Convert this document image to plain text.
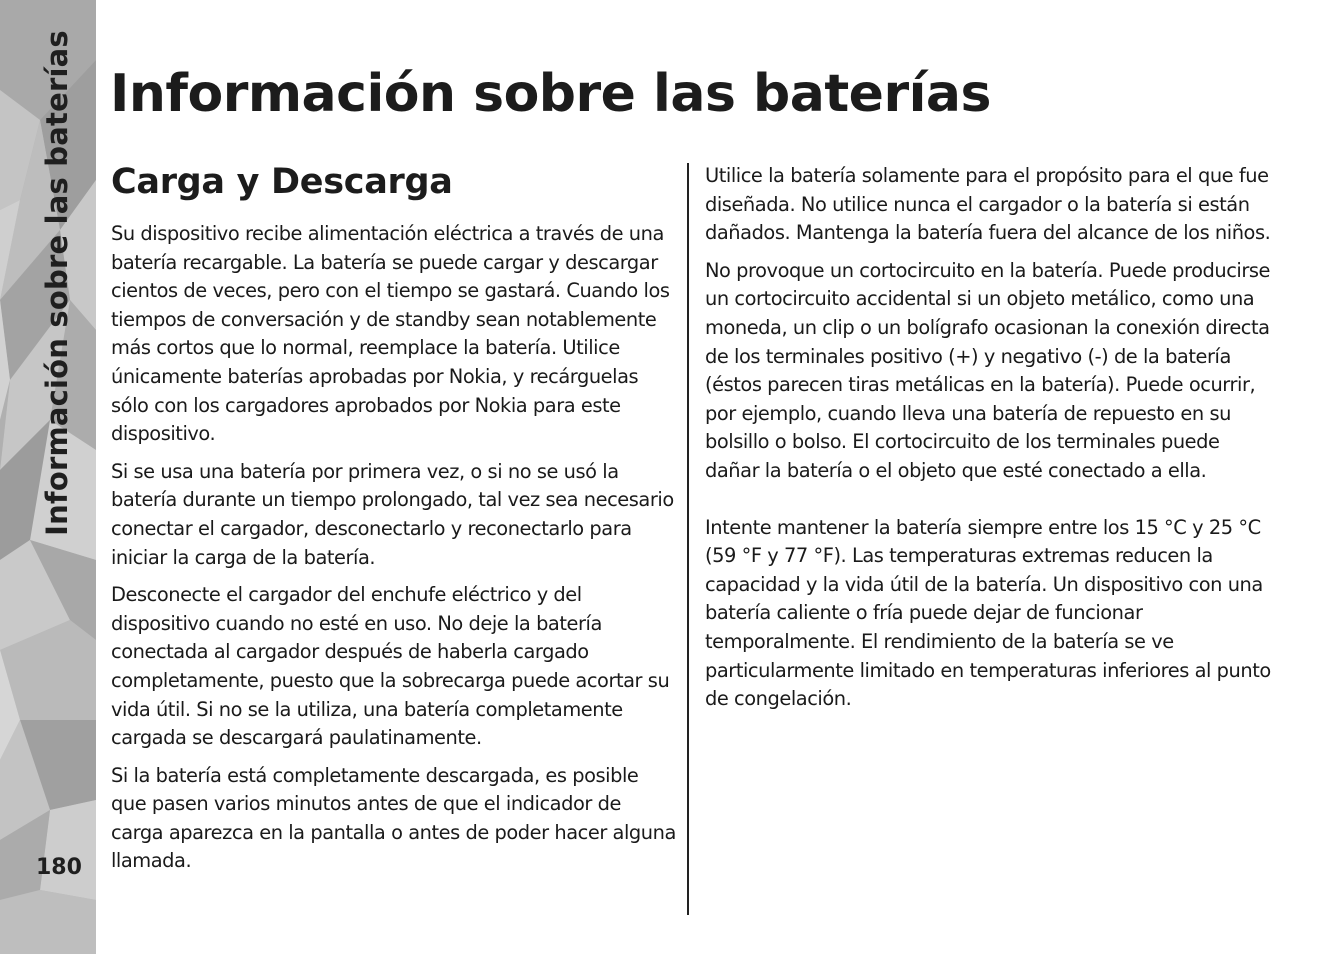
Información sobre las baterías
180
Información sobre las baterías
Carga y Descarga

Su dispositivo recibe alimentación eléctrica a través de una batería recargable. La batería se puede cargar y descargar cientos de veces, pero con el tiempo se gastará. Cuando los tiempos de conversación y de standby sean notablemente más cortos que lo normal, reemplace la batería. Utilice únicamente baterías aprobadas por Nokia, y recárguelas sólo con los cargadores aprobados por Nokia para este dispositivo.

Si se usa una batería por primera vez, o si no se usó la batería durante un tiempo prolongado, tal vez sea necesario conectar el cargador, desconectarlo y reconectarlo para iniciar la carga de la batería.

Desconecte el cargador del enchufe eléctrico y del dispositivo cuando no esté en uso. No deje la batería conectada al cargador después de haberla cargado completamente, puesto que la sobrecarga puede acortar su vida útil. Si no se la utiliza, una batería completamente cargada se descargará paulatinamente.

Si la batería está completamente descargada, es posible que pasen varios minutos antes de que el indicador de carga aparezca en la pantalla o antes de poder hacer alguna llamada.

Utilice la batería solamente para el propósito para el que fue diseñada. No utilice nunca el cargador o la batería si están dañados. Mantenga la batería fuera del alcance de los niños.

No provoque un cortocircuito en la batería. Puede producirse un cortocircuito accidental si un objeto metálico, como una moneda, un clip o un bolígrafo ocasionan la conexión directa de los terminales positivo (+) y negativo (-) de la batería (éstos parecen tiras metálicas en la batería). Puede ocurrir, por ejemplo, cuando lleva una batería de repuesto en su bolsillo o bolso. El cortocircuito de los terminales puede dañar la batería o el objeto que esté conectado a ella.

Intente mantener la batería siempre entre los 15 °C y 25 °C (59 °F y 77 °F). Las temperaturas extremas reducen la capacidad y la vida útil de la batería. Un dispositivo con una batería caliente o fría puede dejar de funcionar temporalmente. El rendimiento de la batería se ve particularmente limitado en temperaturas inferiores al punto de congelación.
